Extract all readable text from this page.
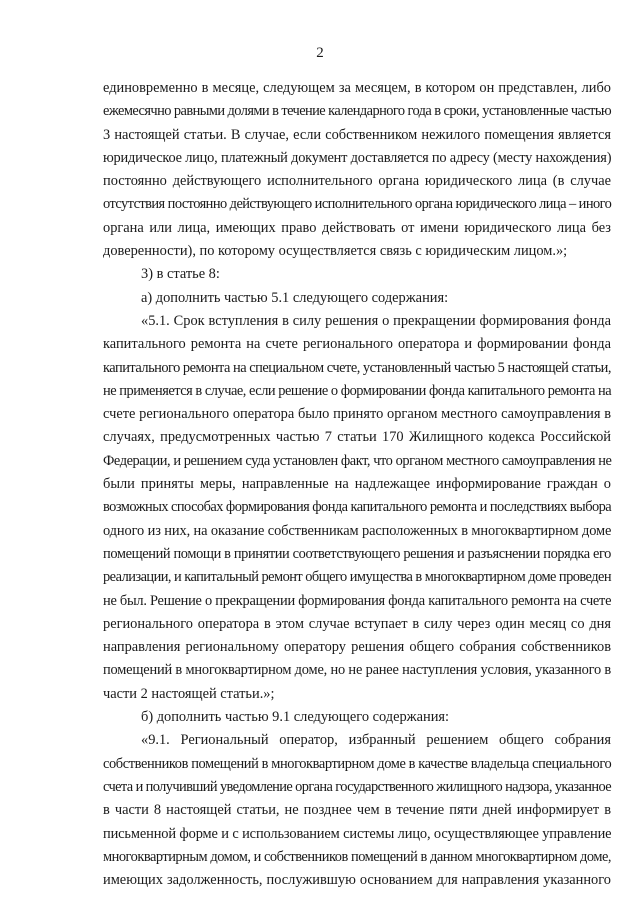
2

единовременно в месяце, следующем за месяцем, в котором он представлен, либо

ежемесячно равными долями в течение календарного года в сроки, установленные частью

3 настоящей статьи. В случае, если собственником нежилого помещения является

юридическое лицо, платежный документ доставляется по адресу (месту нахождения)

постоянно действующего исполнительного органа юридического лица (в случае

отсутствия постоянно действующего исполнительного органа юридического лица – иного

органа или лица, имеющих право действовать от имени юридического лица без

доверенности), по которому осуществляется связь с юридическим лицом.»;

3) в статье 8:

а) дополнить частью 5.1 следующего содержания:

«5.1. Срок вступления в силу решения о прекращении формирования фонда

капитального ремонта на счете регионального оператора и формировании фонда

капитального ремонта на специальном счете, установленный частью 5 настоящей статьи,

не применяется в случае, если решение о формировании фонда капитального ремонта на

счете регионального оператора было принято органом местного самоуправления в

случаях, предусмотренных частью 7 статьи 170 Жилищного кодекса Российской

Федерации, и решением суда установлен факт, что органом местного самоуправления не

были приняты меры, направленные на надлежащее информирование граждан о

возможных способах формирования фонда капитального ремонта и последствиях выбора

одного из них, на оказание собственникам расположенных в многоквартирном доме

помещений помощи в принятии соответствующего решения и разъяснении порядка его

реализации, и капитальный ремонт общего имущества в многоквартирном доме проведен

не был. Решение о прекращении формирования фонда капитального ремонта на счете

регионального оператора в этом случае вступает в силу через один месяц со дня

направления региональному оператору решения общего собрания собственников

помещений в многоквартирном доме, но не ранее наступления условия, указанного в

части 2 настоящей статьи.»;

б) дополнить частью 9.1 следующего содержания:

«9.1. Региональный оператор, избранный решением общего собрания

собственников помещений в многоквартирном доме в качестве владельца специального

счета и получивший уведомление органа государственного жилищного надзора, указанное

в части 8 настоящей статьи, не позднее чем в течение пяти дней информирует в

письменной форме и с использованием системы лицо, осуществляющее управление

многоквартирным домом, и собственников помещений в данном многоквартирном доме,

имеющих задолженность, послужившую основанием для направления указанного
